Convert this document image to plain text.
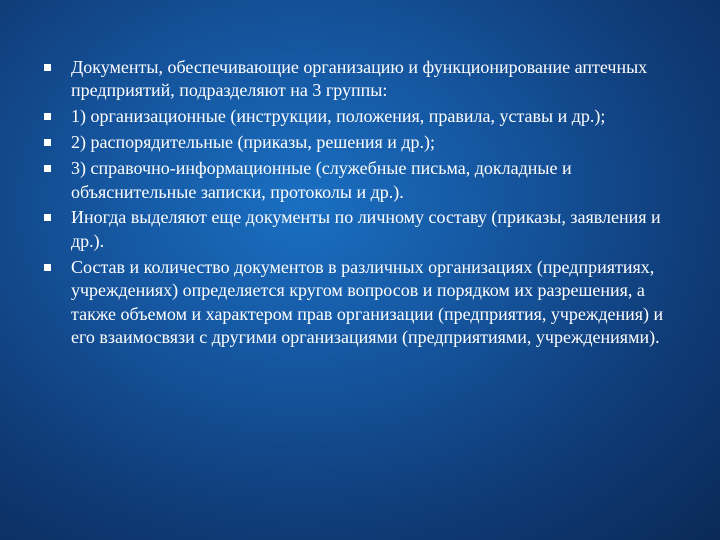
Документы, обеспечивающие организацию и функционирование аптечных предприятий, подразделяют на 3 группы:
1) организационные (инструкции, положения, правила, уставы и др.);
2) распорядительные (приказы, решения и др.);
3) справочно-информационные (служебные письма, докладные и объяснительные записки, протоколы и др.).
Иногда выделяют еще документы по личному составу (приказы, заявления и др.).
Состав и количество документов в различных организациях (предприятиях, учреждениях) определяется кругом вопросов и порядком их разрешения, а также объемом и характером прав организации (предприятия, учреждения) и его взаимосвязи с другими организациями (предприятиями, учреждениями).
